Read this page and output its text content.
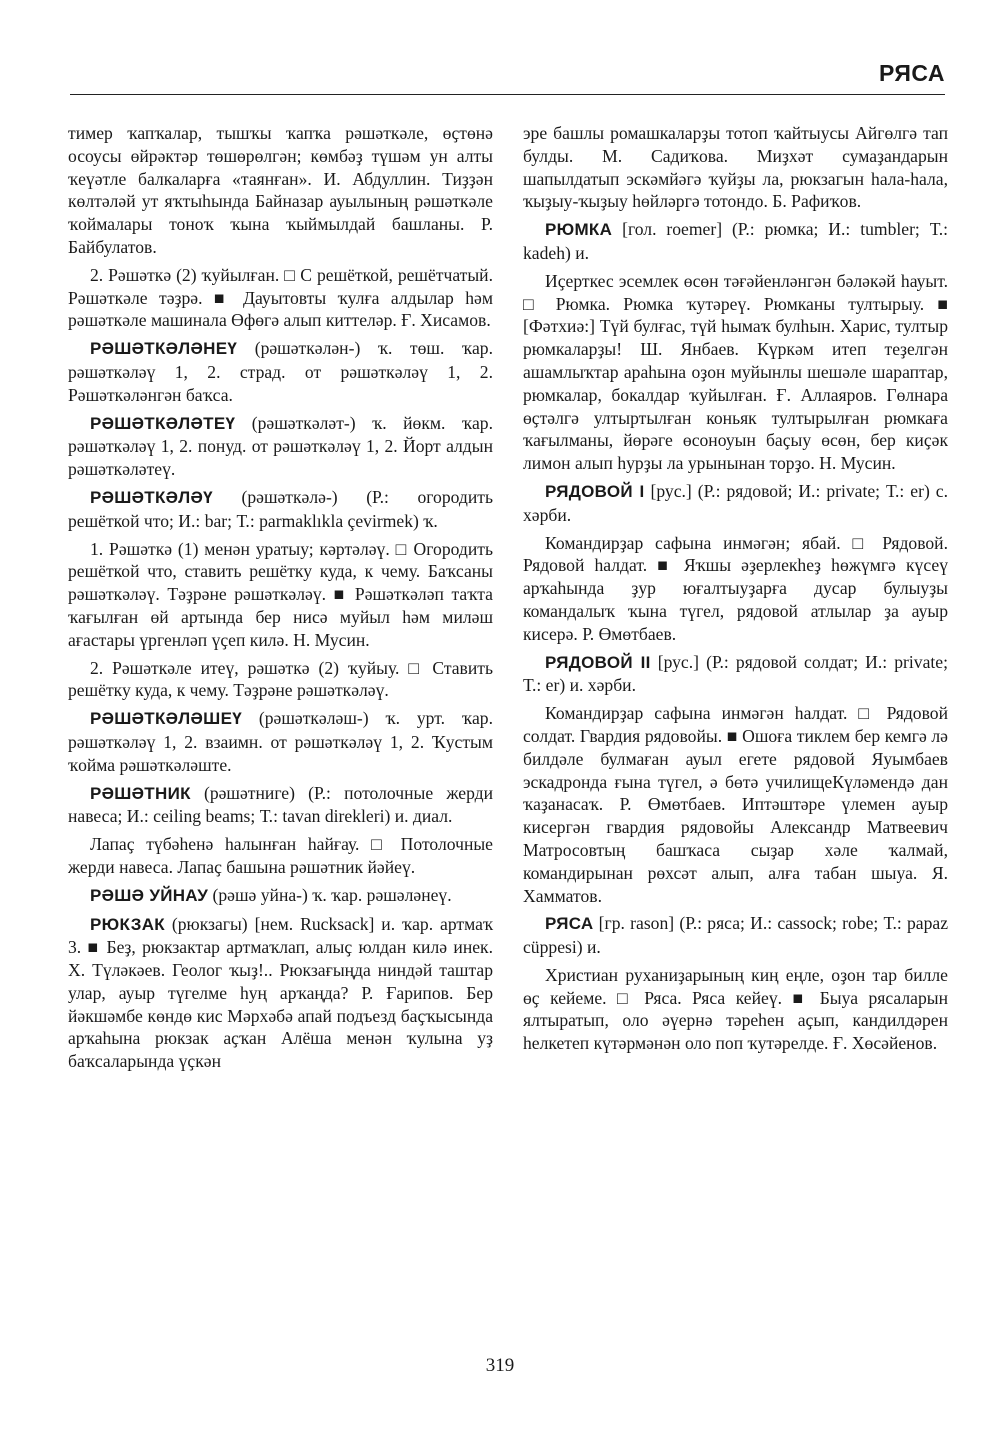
РЯСА

тимер ҡапҡалар, тышҡы ҡапҡа рәшәткәле, өҫтөнә осоусы өйрәктәр төшөрөлгән; көмбәҙ түшәм ун алты ҡеүәтле балкаларға «таянған». И. Абдуллин. Тиҙҙән көлтәләй ут яҡтыһында Байназар ауылының рәшәткәле ҡоймалары тоноҡ ҡына ҡыймылдай башланы. Р. Байбулатов.

2. Рәшәткә (2) ҡуйылған. □ С решёткой, решётчатый. Рәшәткәле тәҙрә. ■ Дауытовты ҡулға алдылар һәм рәшәткәле машинала Өфөгә алып киттеләр. Ғ. Хисамов.

РӘШӘТКӘЛӘНЕҮ (рәшәткәлән-) ҡ. төш. ҡар. рәшәткәләү 1, 2. страд. от рәшәткәләү 1, 2. Рәшәткәләнгән баҡса.

РӘШӘТКӘЛӘТЕҮ (рәшәткәләт-) ҡ. йөкм. ҡар. рәшәткәләү 1, 2. понуд. от рәшәткәләү 1, 2. Йорт алдын рәшәткәләтеү.

РӘШӘТКӘЛӘҮ (рәшәткәлә-) (Р.: огородить решёткой что; И.: bar; Т.: parmaklıkla çevirmek) ҡ.

1. Рәшәткә (1) менән уратыу; кәртәләү. □ Огородить решёткой что, ставить решётку куда, к чему. Баҡсаны рәшәткәләү. Тәҙрәне рәшәткәләү. ■ Рәшәткәләп таҡта ҡағылған өй артында бер нисә муйыл һәм миләш ағастары үргенләп үҫеп килә. Н. Мусин.

2. Рәшәткәле итеү, рәшәткә (2) ҡуйыу. □ Ставить решётку куда, к чему. Тәҙрәне рәшәткәләү.

РӘШӘТКӘЛӘШЕҮ (рәшәткәләш-) ҡ. урт. ҡар. рәшәткәләү 1, 2. взаимн. от рәшәткәләү 1, 2. Ҡустым ҡойма рәшәткәләште.

РӘШӘТНИК (рәшәтниге) (Р.: потолочные жерди навеса; И.: ceiling beams; Т.: tavan direkleri) и. диал.

Лапаҫ түбәһенә һалынған һайғау. □ Потолочные жерди навеса. Лапаҫ башына рәшәтник йәйеү.

РӘШӘ УЙНАУ (рәшә уйна-) ҡ. ҡар. рәшәләнеү.

РЮКЗАК (рюкзагы) [нем. Rucksack] и. ҡар. артмаҡ 3. ■ Беҙ, рюкзактар артмаҡлап, алыҫ юлдан килә инек. Х. Түләкәев. Геолог ҡыҙ!.. Рюкзағыңда ниндәй таштар улар, ауыр түгелме һуң арҡаңда? Р. Ғарипов. Бер йәкшәмбе көндө кис Мәрхәбә апай подъезд баҫҡысында арҡаһына рюкзак аҫҡан Алёша менән ҡулына уҙ баҡсаларында үҫкән

эре башлы ромашкаларҙы тотоп ҡайтыусы Айгөлгә тап булды. М. Садиҡова. Миҙхәт сумаҙандарын шапылдатып эскәмйәгә ҡуйҙы ла, рюкзагын һала-һала, ҡыҙыу-ҡыҙыу һөйләргә тотондо. Б. Рафиҡов.

РЮМКА [гол. roemer] (Р.: рюмка; И.: tumbler; Т.: kadeh) и.

Иҫерткес эсемлек өсөн тәғәйенләнгән бәләкәй һауыт. □ Рюмка. Рюмка ҡутәреү. Рюмканы тултырыу. ■ [Фәтхиә:] Түй булғас, түй һымаҡ булһын. Харис, тултыр рюмкаларҙы! Ш. Янбаев. Күркәм итеп теҙелгән ашамлыҡтар араһына оҙон муйынлы шешәле шараптар, рюмкалар, бокалдар ҡуйылған. Ғ. Аллаяров. Гөлнара өҫтәлгә ултыртылған коньяк тултырылған рюмкаға ҡағылманы, йөрәге өсоноуын баҫыу өсөн, бер киҫәк лимон алып һурҙы ла урынынан торҙо. Н. Мусин.

РЯДОВОЙ I [рус.] (Р.: рядовой; И.: private; Т.: er) с. хәрби.

Командирҙар сафына инмәгән; ябай. □ Рядовой. Рядовой һалдат. ■ Яҡшы әҙерлекһеҙ һөжүмгә күсеү арҡаһында ҙур юғалтыуҙарға дусар булыуҙы командалыҡ ҡына түгел, рядовой атлылар ҙа ауыр кисерә. Р. Өмөтбаев.

РЯДОВОЙ II [рус.] (Р.: рядовой солдат; И.: private; Т.: er) и. хәрби.

Командирҙар сафына инмәгән һалдат. □ Рядовой солдат. Гвардия рядовойы. ■ Ошоға тиклем бер кемгә лә билдәле булмаған ауыл егете рядовой Яуымбаев эскадронда ғына түгел, ә бөтә училищеКүләмендә дан ҡаҙанасаҡ. Р. Өмөтбаев. Иптәштәре үлемен ауыр кисергән гвардия рядовойы Александр Матвеевич Матросовтың башҡаса сыҙар хәле ҡалмай, командирынан рөхсәт алып, алға табан шыуа. Я. Хамматов.

РЯСА [гр. rason] (Р.: ряса; И.: cassock; robe; Т.: papaz cüppesi) и.

Христиан руханиҙарының киң еңле, оҙон тар билле өҫ кейеме. □ Ряса. Ряса кейеү. ■ Быуа рясаларын ялтыратып, оло әүернә тәреһен аҫып, кандилдәрен һелкетеп күтәрмәнән оло поп ҡутәрелде. Ғ. Хөсәйенов.

319
